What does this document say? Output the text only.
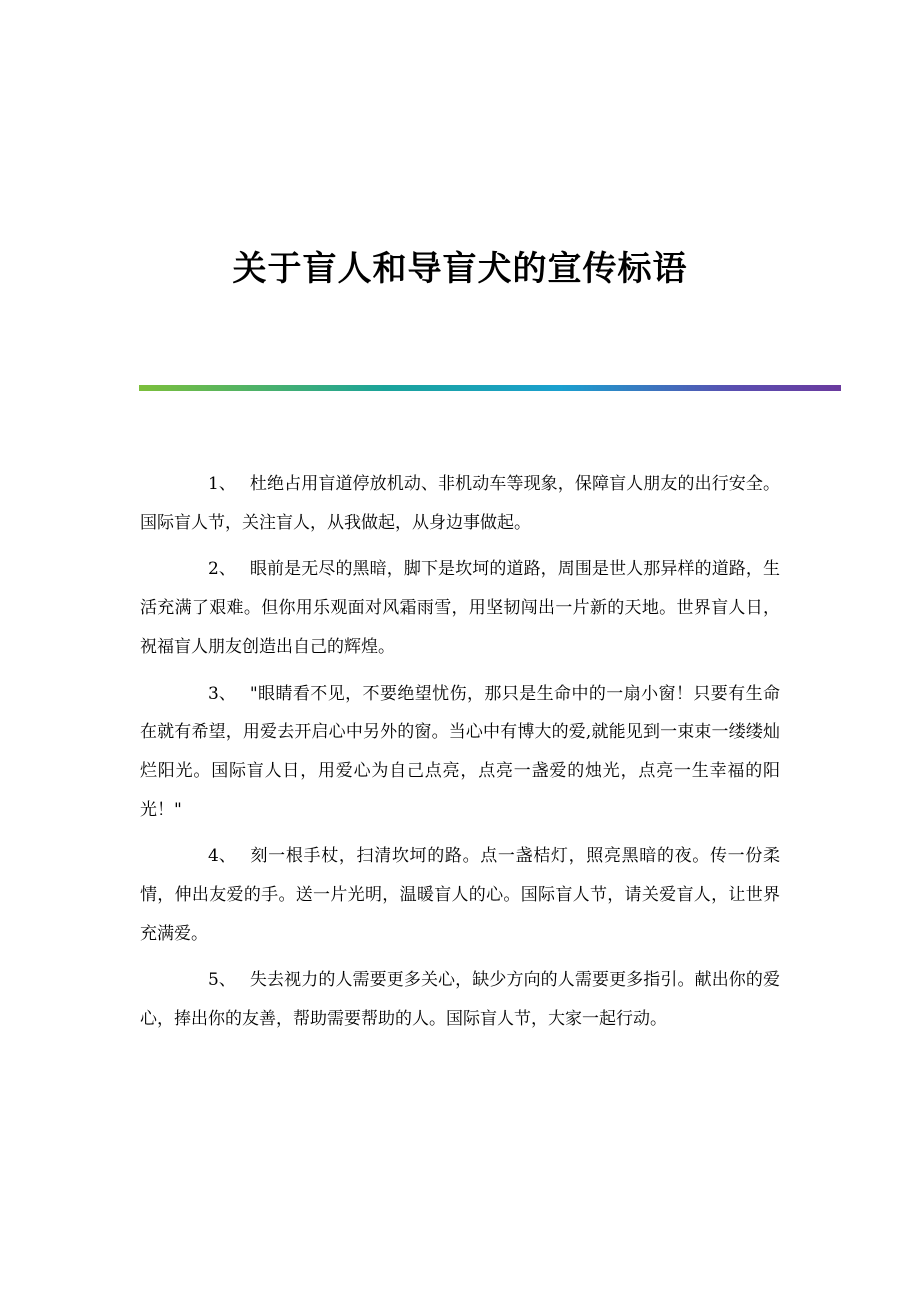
关于盲人和导盲犬的宣传标语

1、 杜绝占用盲道停放机动、非机动车等现象，保障盲人朋友的出行安全。国际盲人节，关注盲人，从我做起，从身边事做起。

2、 眼前是无尽的黑暗，脚下是坎坷的道路，周围是世人那异样的道路，生活充满了艰难。但你用乐观面对风霜雨雪，用坚韧闯出一片新的天地。世界盲人日，祝福盲人朋友创造出自己的辉煌。

3、 "眼睛看不见，不要绝望忧伤，那只是生命中的一扇小窗！只要有生命在就有希望，用爱去开启心中另外的窗。当心中有博大的爱,就能见到一束束一缕缕灿烂阳光。国际盲人日，用爱心为自己点亮，点亮一盏爱的烛光，点亮一生幸福的阳光！"

4、 刻一根手杖，扫清坎坷的路。点一盏桔灯，照亮黑暗的夜。传一份柔情，伸出友爱的手。送一片光明，温暖盲人的心。国际盲人节，请关爱盲人，让世界充满爱。

5、 失去视力的人需要更多关心，缺少方向的人需要更多指引。献出你的爱心，捧出你的友善，帮助需要帮助的人。国际盲人节，大家一起行动。
